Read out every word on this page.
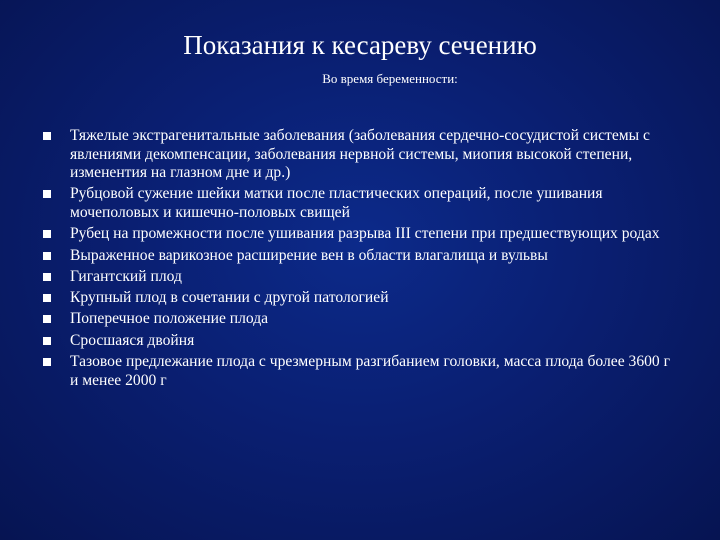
Показания к кесареву сечению
Во время беременности:
Тяжелые экстрагенитальные заболевания (заболевания сердечно-сосудистой системы с явлениями декомпенсации, заболевания нервной системы, миопия высокой степени, изменентия на глазном дне и др.)
Рубцовой сужение шейки матки после пластических операций, после ушивания мочеполовых и кишечно-половых свищей
Рубец на промежности после ушивания разрыва III степени при предшествующих родах
Выраженное варикозное расширение вен в области влагалища и вульвы
Гигантский плод
Крупный плод в сочетании с другой патологией
Поперечное положение плода
Сросшаяся двойня
Тазовое предлежание плода с чрезмерным разгибанием головки, масса плода более 3600 г и менее 2000 г
